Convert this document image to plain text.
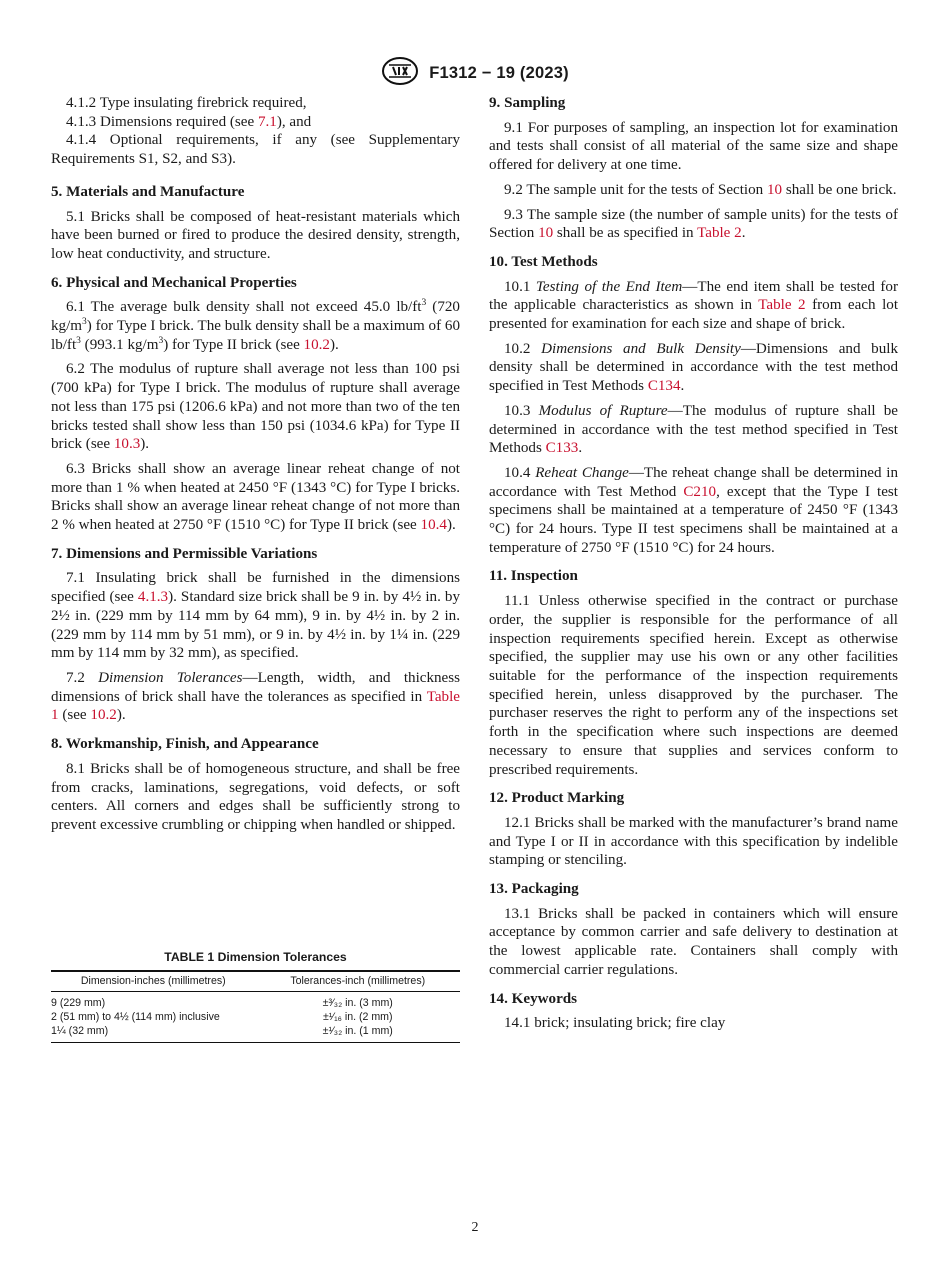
F1312 − 19 (2023)

4.1.2 Type insulating firebrick required,

4.1.3 Dimensions required (see 7.1), and

4.1.4 Optional requirements, if any (see Supplementary Requirements S1, S2, and S3).

5. Materials and Manufacture

5.1 Bricks shall be composed of heat-resistant materials which have been burned or fired to produce the desired density, strength, low heat conductivity, and structure.

6. Physical and Mechanical Properties

6.1 The average bulk density shall not exceed 45.0 $lb/ft^3$ (720 $kg/m^3$) for Type I brick. The bulk density shall be a maximum of 60 $lb/ft^3$ (993.1 $kg/m^3$) for Type II brick (see 10.2).

6.2 The modulus of rupture shall average not less than 100 psi (700 kPa) for Type I brick. The modulus of rupture shall average not less than 175 psi (1206.6 kPa) and not more than two of the ten bricks tested shall show less than 150 psi (1034.6 kPa) for Type II brick (see 10.3).

6.3 Bricks shall show an average linear reheat change of not more than 1 % when heated at 2450 °F (1343 °C) for Type I bricks. Bricks shall show an average linear reheat change of not more than 2 % when heated at 2750 °F (1510 °C) for Type II brick (see 10.4).

7. Dimensions and Permissible Variations

7.1 Insulating brick shall be furnished in the dimensions specified (see 4.1.3). Standard size brick shall be 9 in. by 4½ in. by 2½ in. (229 mm by 114 mm by 64 mm), 9 in. by 4½ in. by 2 in. (229 mm by 114 mm by 51 mm), or 9 in. by 4½ in. by 1¼ in. (229 mm by 114 mm by 32 mm), as specified.

7.2 Dimension Tolerances—Length, width, and thickness dimensions of brick shall have the tolerances as specified in Table 1 (see 10.2).

8. Workmanship, Finish, and Appearance

8.1 Bricks shall be of homogeneous structure, and shall be free from cracks, laminations, segregations, void defects, or soft centers. All corners and edges shall be sufficiently strong to prevent excessive crumbling or chipping when handled or shipped.

TABLE 1 Dimension Tolerances
Dimension-inches (millimetres)	Tolerances-inch (millimetres)
9 (229 mm)	±³⁄₃₂ in. (3 mm)
2 (51 mm) to 4½ (114 mm) inclusive	±¹⁄₁₆ in. (2 mm)
1¼ (32 mm)	±¹⁄₃₂ in. (1 mm)
9. Sampling

9.1 For purposes of sampling, an inspection lot for examination and tests shall consist of all material of the same size and shape offered for delivery at one time.

9.2 The sample unit for the tests of Section 10 shall be one brick.

9.3 The sample size (the number of sample units) for the tests of Section 10 shall be as specified in Table 2.

10. Test Methods

10.1 Testing of the End Item—The end item shall be tested for the applicable characteristics as shown in Table 2 from each lot presented for examination for each size and shape of brick.

10.2 Dimensions and Bulk Density—Dimensions and bulk density shall be determined in accordance with the test method specified in Test Methods C134.

10.3 Modulus of Rupture—The modulus of rupture shall be determined in accordance with the test method specified in Test Methods C133.

10.4 Reheat Change—The reheat change shall be determined in accordance with Test Method C210, except that the Type I test specimens shall be maintained at a temperature of 2450 °F (1343 °C) for 24 hours. Type II test specimens shall be maintained at a temperature of 2750 °F (1510 °C) for 24 hours.

11. Inspection

11.1 Unless otherwise specified in the contract or purchase order, the supplier is responsible for the performance of all inspection requirements specified herein. Except as otherwise specified, the supplier may use his own or any other facilities suitable for the performance of the inspection requirements specified herein, unless disapproved by the purchaser. The purchaser reserves the right to perform any of the inspections set forth in the specification where such inspections are deemed necessary to ensure that supplies and services conform to prescribed requirements.

12. Product Marking

12.1 Bricks shall be marked with the manufacturer’s brand name and Type I or II in accordance with this specification by indelible stamping or stenciling.

13. Packaging

13.1 Bricks shall be packed in containers which will ensure acceptance by common carrier and safe delivery to destination at the lowest applicable rate. Containers shall comply with commercial carrier regulations.

14. Keywords

14.1 brick; insulating brick; fire clay

2
